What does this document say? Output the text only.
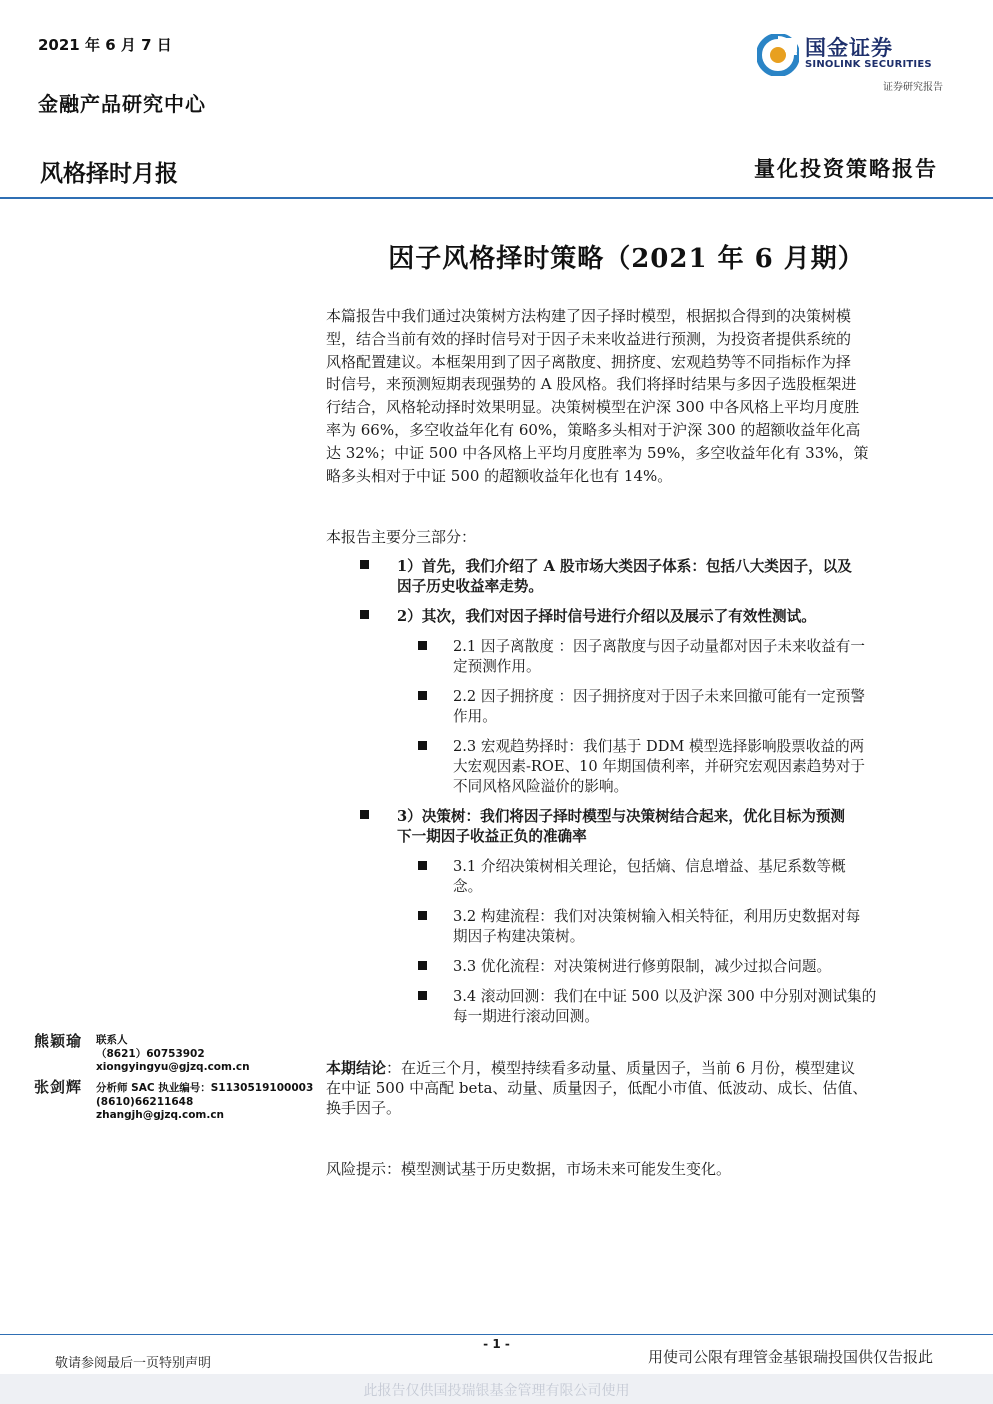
2021 年 6 月 7 日
金融产品研究中心
风格择时月报	量化投资策略报告
国金证券
SINOLINK SECURITIES
证券研究报告
因子风格择时策略（2021 年 6 月期）
本篇报告中我们通过决策树方法构建了因子择时模型，根据拟合得到的决策树模
型，结合当前有效的择时信号对于因子未来收益进行预测，为投资者提供系统的
风格配置建议。本框架用到了因子离散度、拥挤度、宏观趋势等不同指标作为择
时信号，来预测短期表现强势的 A 股风格。我们将择时结果与多因子选股框架进
行结合，风格轮动择时效果明显。决策树模型在沪深 300 中各风格上平均月度胜
率为 66%，多空收益年化有 60%，策略多头相对于沪深 300 的超额收益年化高
达 32%；中证 500 中各风格上平均月度胜率为 59%，多空收益年化有 33%，策
略多头相对于中证 500 的超额收益年化也有 14%。
本报告主要分三部分：
1）首先，我们介绍了 A 股市场大类因子体系：包括八大类因子，以及
因子历史收益率走势。
2）其次，我们对因子择时信号进行介绍以及展示了有效性测试。
2.1 因子离散度 ：因子离散度与因子动量都对因子未来收益有一
定预测作用。
2.2 因子拥挤度 ：因子拥挤度对于因子未来回撤可能有一定预警
作用。
2.3 宏观趋势择时：我们基于 DDM 模型选择影响股票收益的两
大宏观因素-ROE、10 年期国债利率，并研究宏观因素趋势对于
不同风格风险溢价的影响。
3）决策树：我们将因子择时模型与决策树结合起来，优化目标为预测
下一期因子收益正负的准确率
3.1 介绍决策树相关理论，包括熵、信息增益、基尼系数等概
念。
3.2 构建流程：我们对决策树输入相关特征，利用历史数据对每
期因子构建决策树。
3.3 优化流程：对决策树进行修剪限制，减少过拟合问题。
3.4 滚动回测：我们在中证 500 以及沪深 300 中分别对测试集的
每一期进行滚动回测。
熊颖瑜 联系人
（8621）60753902
xiongyingyu@gjzq.com.cn
张剑辉 分析师 SAC 执业编号：S1130519100003
(8610)66211648
zhangjh@gjzq.com.cn
本期结论：在近三个月，模型持续看多动量、质量因子，当前 6 月份，模型建议
在中证 500 中高配 beta、动量、质量因子，低配小市值、低波动、成长、估值、
换手因子。
风险提示：模型测试基于历史数据，市场未来可能发生变化。
- 1 -
敬请参阅最后一页特别声明	用使司公限有理管金基银瑞投国供仅告报此
此报告仅供国投瑞银基金管理有限公司使用
